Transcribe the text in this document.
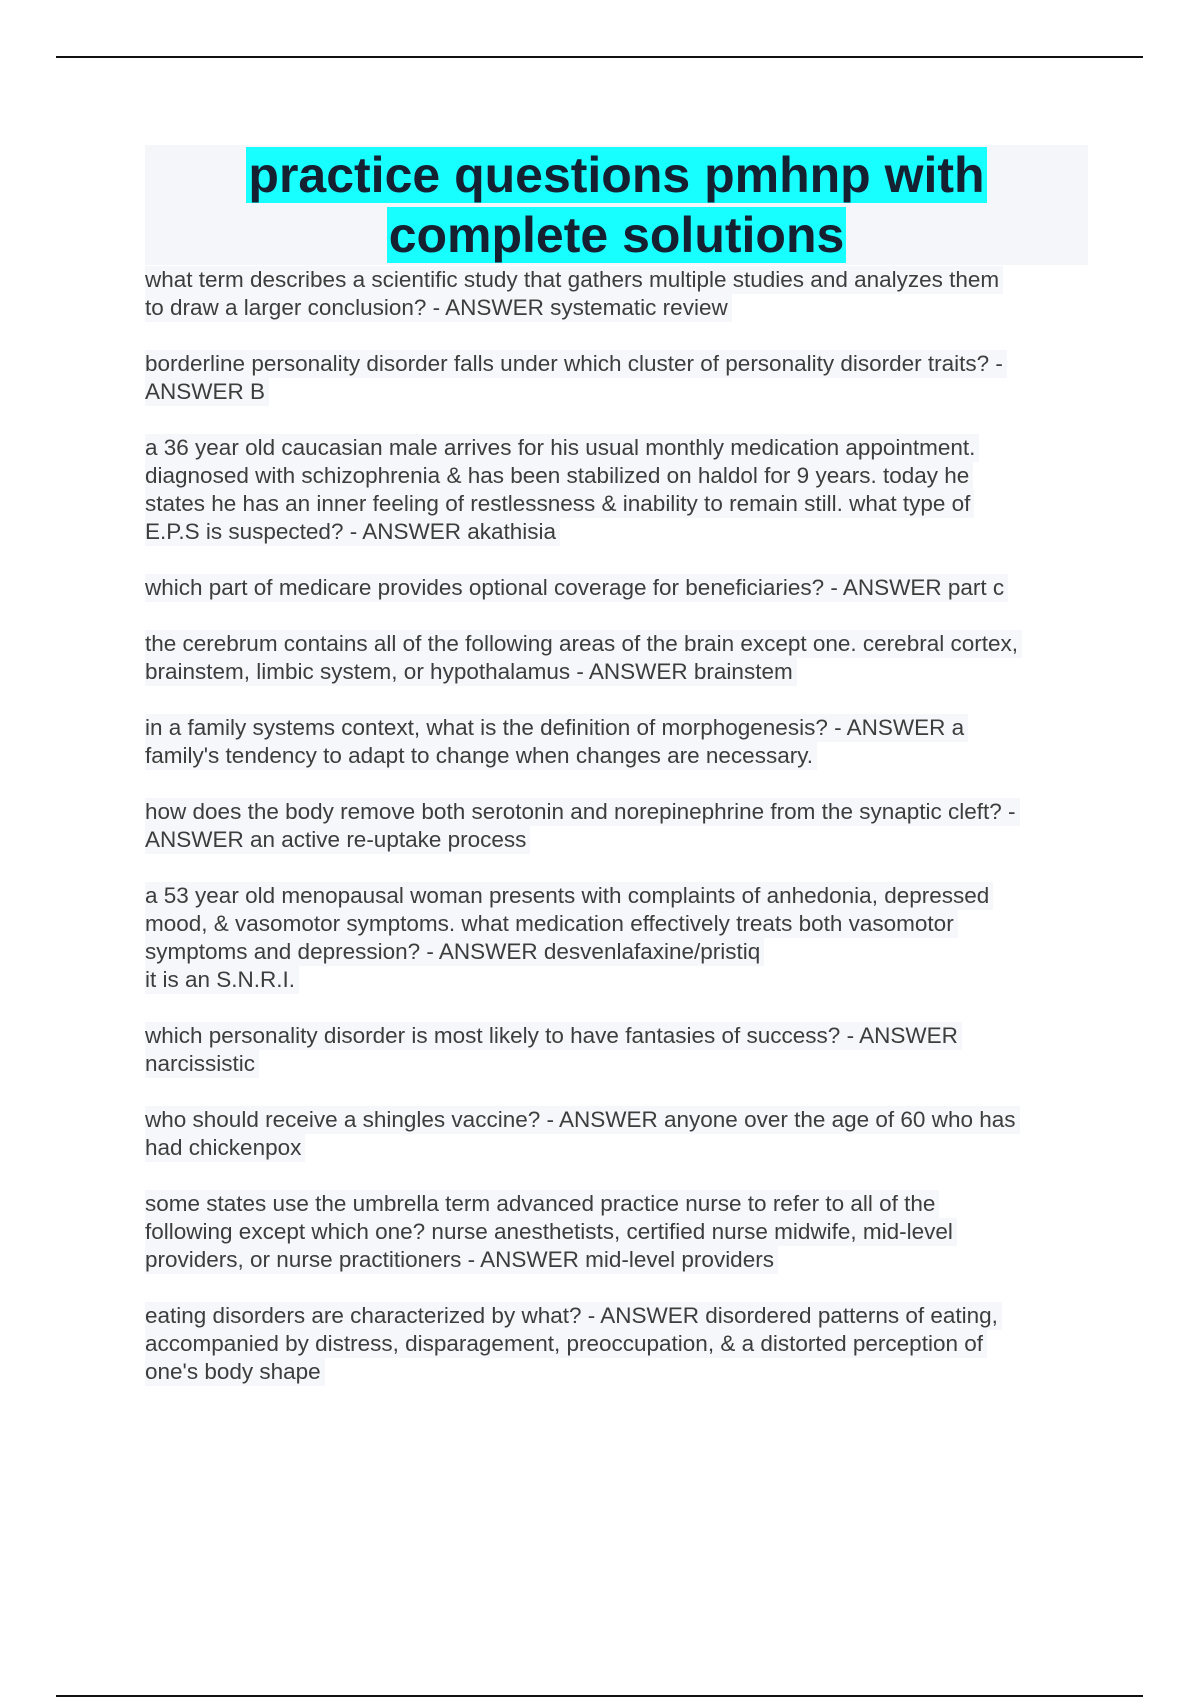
practice questions pmhnp with
complete solutions
what term describes a scientific study that gathers multiple studies and analyzes them
to draw a larger conclusion? - ANSWER systematic review
borderline personality disorder falls under which cluster of personality disorder traits? -
ANSWER B
a 36 year old caucasian male arrives for his usual monthly medication appointment.
diagnosed with schizophrenia & has been stabilized on haldol for 9 years. today he
states he has an inner feeling of restlessness & inability to remain still. what type of
E.P.S is suspected? - ANSWER akathisia
which part of medicare provides optional coverage for beneficiaries? - ANSWER part c
the cerebrum contains all of the following areas of the brain except one. cerebral cortex,
brainstem, limbic system, or hypothalamus - ANSWER brainstem
in a family systems context, what is the definition of morphogenesis? - ANSWER a
family's tendency to adapt to change when changes are necessary.
how does the body remove both serotonin and norepinephrine from the synaptic cleft? -
ANSWER an active re-uptake process
a 53 year old menopausal woman presents with complaints of anhedonia, depressed
mood, & vasomotor symptoms. what medication effectively treats both vasomotor
symptoms and depression? - ANSWER desvenlafaxine/pristiq
it is an S.N.R.I.
which personality disorder is most likely to have fantasies of success? - ANSWER
narcissistic
who should receive a shingles vaccine? - ANSWER anyone over the age of 60 who has
had chickenpox
some states use the umbrella term advanced practice nurse to refer to all of the
following except which one? nurse anesthetists, certified nurse midwife, mid-level
providers, or nurse practitioners - ANSWER mid-level providers
eating disorders are characterized by what? - ANSWER disordered patterns of eating,
accompanied by distress, disparagement, preoccupation, & a distorted perception of
one's body shape
